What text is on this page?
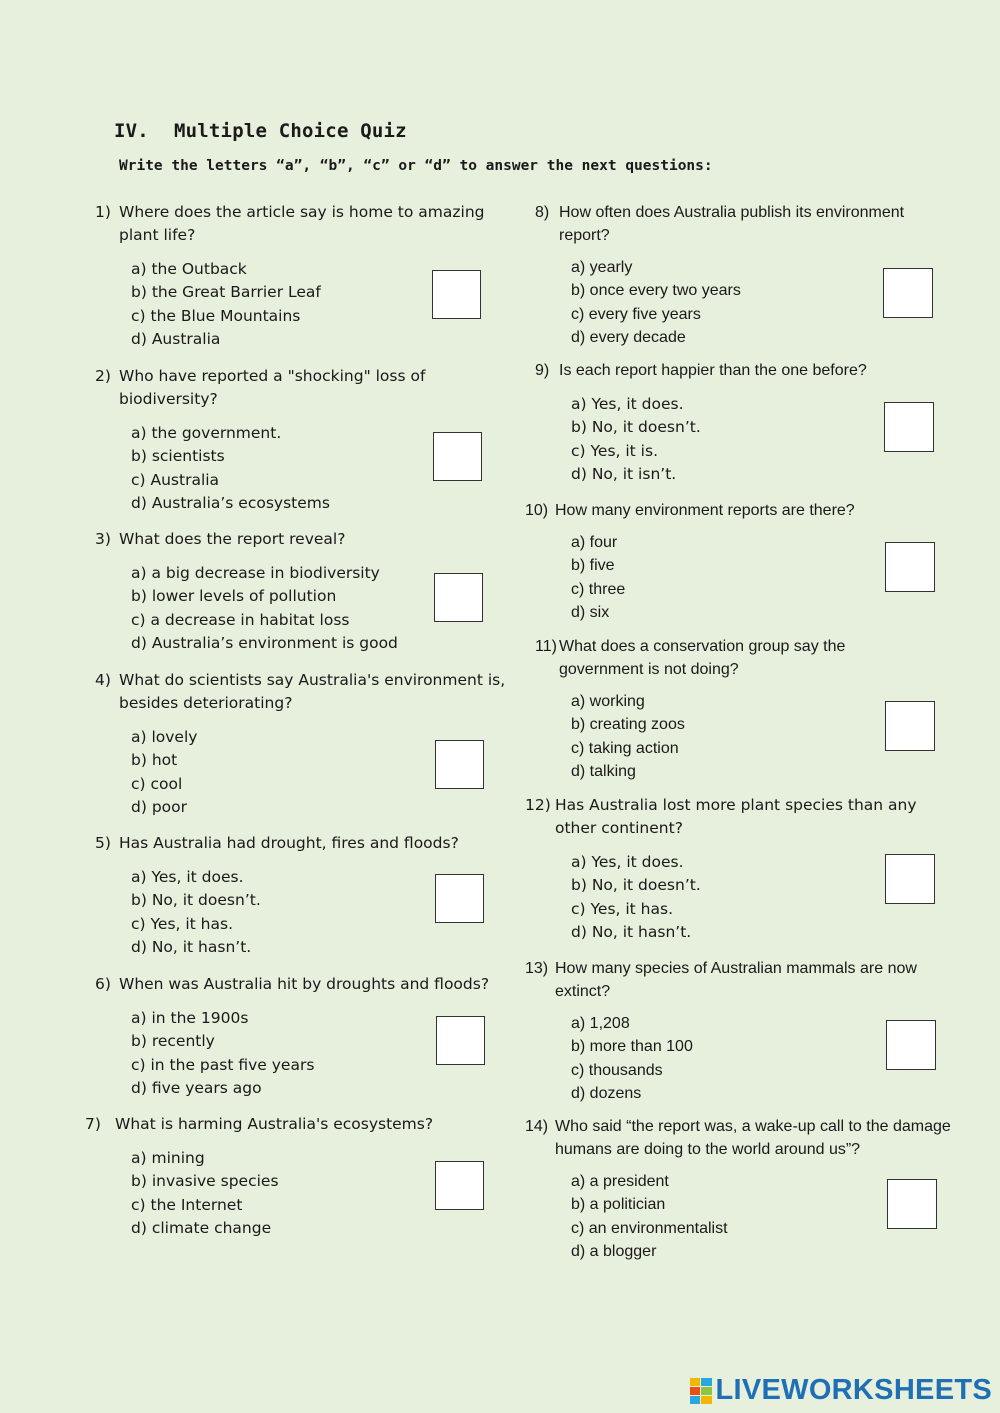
IV. Multiple Choice Quiz
Write the letters “a”, “b”, “c” or “d” to answer the next questions:
1) Where does the article say is home to amazing plant life?
a) the Outback
b) the Great Barrier Leaf
c) the Blue Mountains
d) Australia
2) Who have reported a "shocking" loss of biodiversity?
a) the government.
b) scientists
c) Australia
d) Australia’s ecosystems
3) What does the report reveal?
a) a big decrease in biodiversity
b) lower levels of pollution
c) a decrease in habitat loss
d) Australia’s environment is good
4) What do scientists say Australia's environment is, besides deteriorating?
a) lovely
b) hot
c) cool
d) poor
5) Has Australia had drought, fires and floods?
a) Yes, it does.
b) No, it doesn’t.
c) Yes, it has.
d) No, it hasn’t.
6) When was Australia hit by droughts and floods?
a) in the 1900s
b) recently
c) in the past five years
d) five years ago
7) What is harming Australia's ecosystems?
a) mining
b) invasive species
c) the Internet
d) climate change
8) How often does Australia publish its environment report?
a) yearly
b) once every two years
c) every five years
d) every decade
9) Is each report happier than the one before?
a) Yes, it does.
b) No, it doesn’t.
c) Yes, it is.
d) No, it isn’t.
10) How many environment reports are there?
a) four
b) five
c) three
d) six
11) What does a conservation group say the government is not doing?
a) working
b) creating zoos
c) taking action
d) talking
12) Has Australia lost more plant species than any other continent?
a) Yes, it does.
b) No, it doesn’t.
c) Yes, it has.
d) No, it hasn’t.
13) How many species of Australian mammals are now extinct?
a) 1,208
b) more than 100
c) thousands
d) dozens
14) Who said “the report was, a wake-up call to the damage humans are doing to the world around us”?
a) a president
b) a politician
c) an environmentalist
d) a blogger
LIVEWORKSHEETS
